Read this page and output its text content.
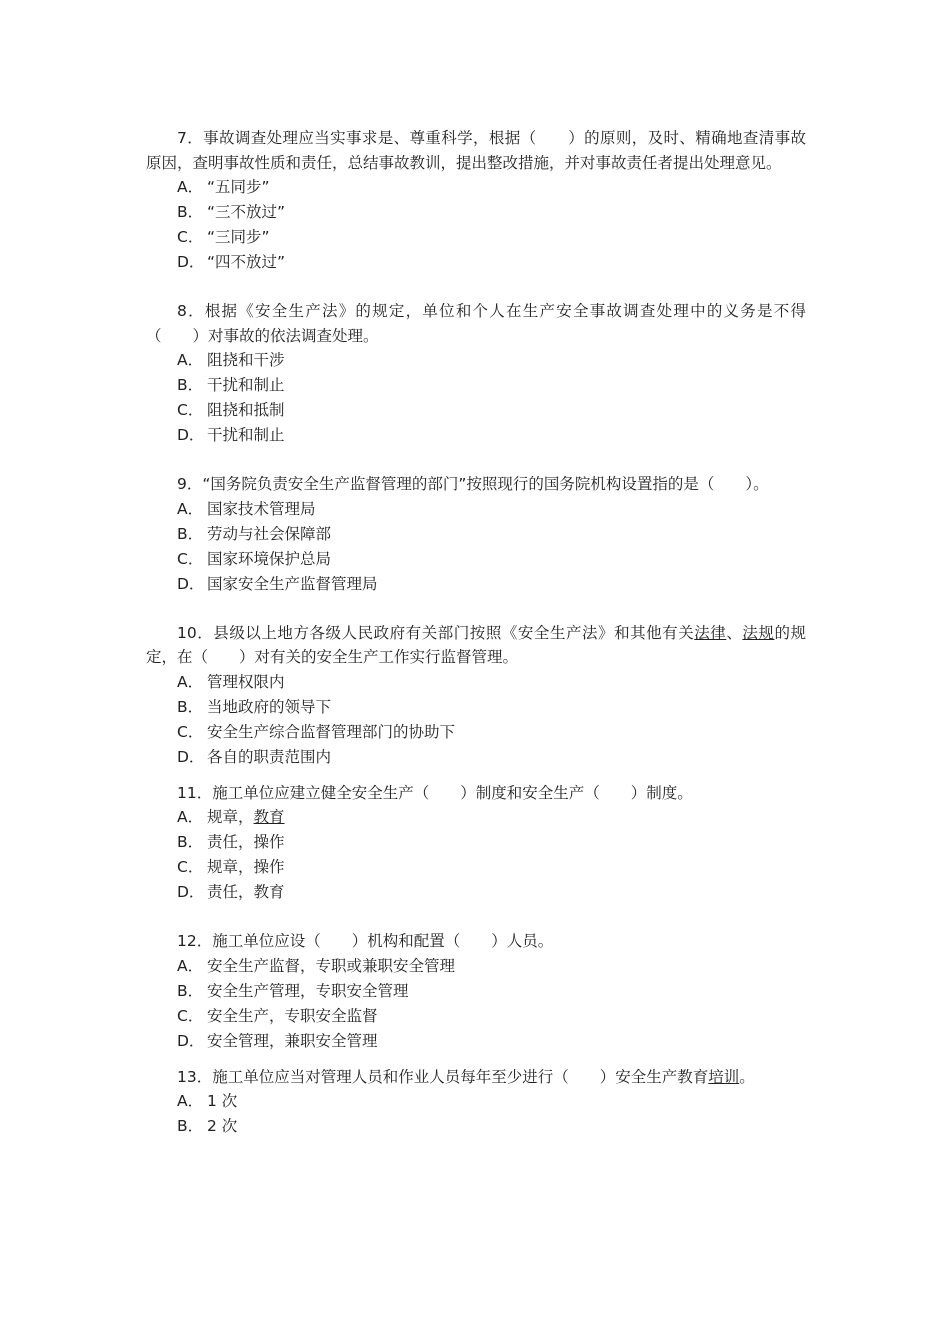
7．事故调查处理应当实事求是、尊重科学，根据（　　）的原则，及时、精确地查清事故原因，查明事故性质和责任，总结事故教训，提出整改措施，并对事故责任者提出处理意见。

A． “五同步”
B． “三不放过”
C． “三同步”
D． “四不放过”

8．根据《安全生产法》的规定，单位和个人在生产安全事故调查处理中的义务是不得（　　）对事故的依法调查处理。

A． 阻挠和干涉
B． 干扰和制止
C． 阻挠和抵制
D． 干扰和制止

9．“国务院负责安全生产监督管理的部门”按照现行的国务院机构设置指的是（　　）。

A． 国家技术管理局
B． 劳动与社会保障部
C． 国家环境保护总局
D． 国家安全生产监督管理局

10．县级以上地方各级人民政府有关部门按照《安全生产法》和其他有关法律、法规的规定，在（　　）对有关的安全生产工作实行监督管理。

A． 管理权限内
B． 当地政府的领导下
C． 安全生产综合监督管理部门的协助下
D． 各自的职责范围内

11．施工单位应建立健全安全生产（　　）制度和安全生产（　　）制度。

A． 规章，教育
B． 责任，操作
C． 规章，操作
D． 责任，教育

12．施工单位应设（　　）机构和配置（　　）人员。

A． 安全生产监督，专职或兼职安全管理
B． 安全生产管理，专职安全管理
C． 安全生产，专职安全监督
D． 安全管理，兼职安全管理

13．施工单位应当对管理人员和作业人员每年至少进行（　　）安全生产教育培训。

A． 1 次
B． 2 次
